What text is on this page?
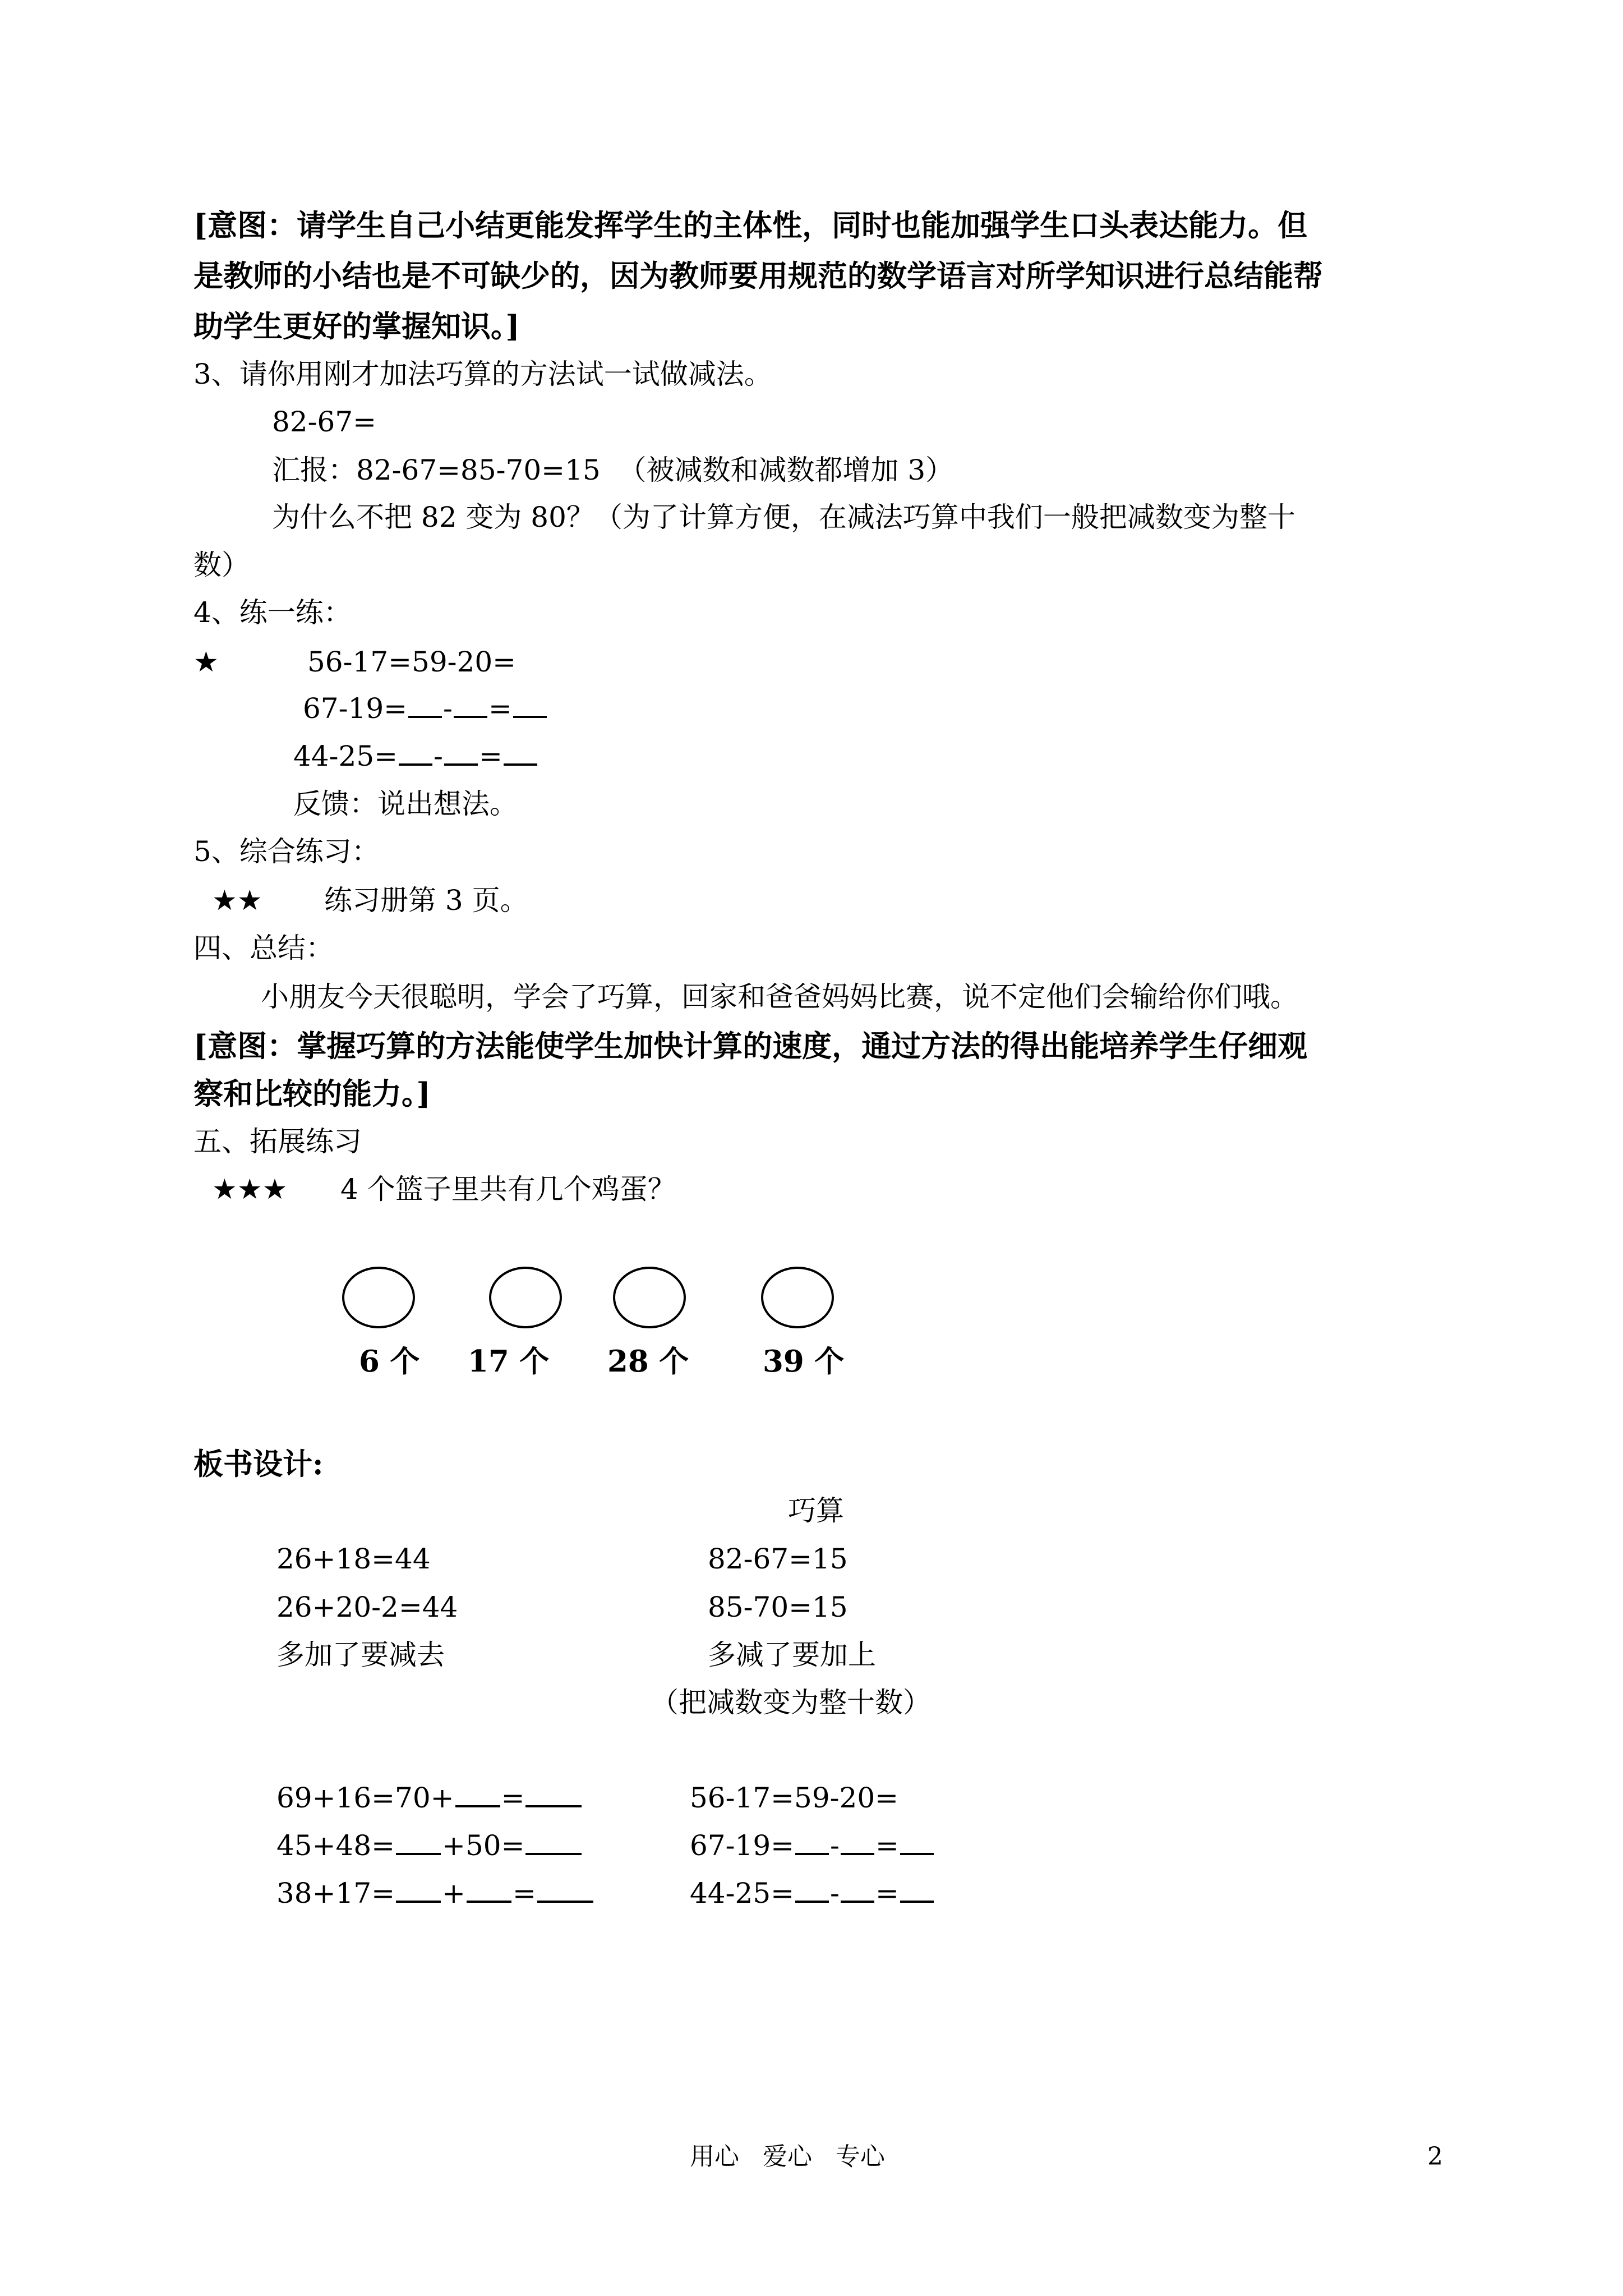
[意图：请学生自己小结更能发挥学生的主体性，同时也能加强学生口头表达能力。但
是教师的小结也是不可缺少的，因为教师要用规范的数学语言对所学知识进行总结能帮
助学生更好的掌握知识。]
3、请你用刚才加法巧算的方法试一试做减法。
82-67=
汇报：82-67=85-70=15  （被减数和减数都增加 3）
为什么不把 82 变为 80？（为了计算方便，在减法巧算中我们一般把减数变为整十
数）
4、练一练：
★	56-17=59-20=
67-19= - =
44-25= - =
反馈：说出想法。
5、综合练习：
★★ 练习册第 3 页。
四、总结：
小朋友今天很聪明，学会了巧算，回家和爸爸妈妈比赛，说不定他们会输给你们哦。
[意图：掌握巧算的方法能使学生加快计算的速度，通过方法的得出能培养学生仔细观
察和比较的能力。]
五、拓展练习
★★★ 4 个篮子里共有几个鸡蛋？
6 个 17 个 28 个 39 个
板书设计:
巧算
26+18=44
26+20-2=44
多加了要减去
82-67=15
85-70=15
多减了要加上
（把减数变为整十数）
69+16=70+ =
45+48= +50=
38+17= + =
56-17=59-20=
67-19= - =
44-25= - =
用心   爱心   专心	2
